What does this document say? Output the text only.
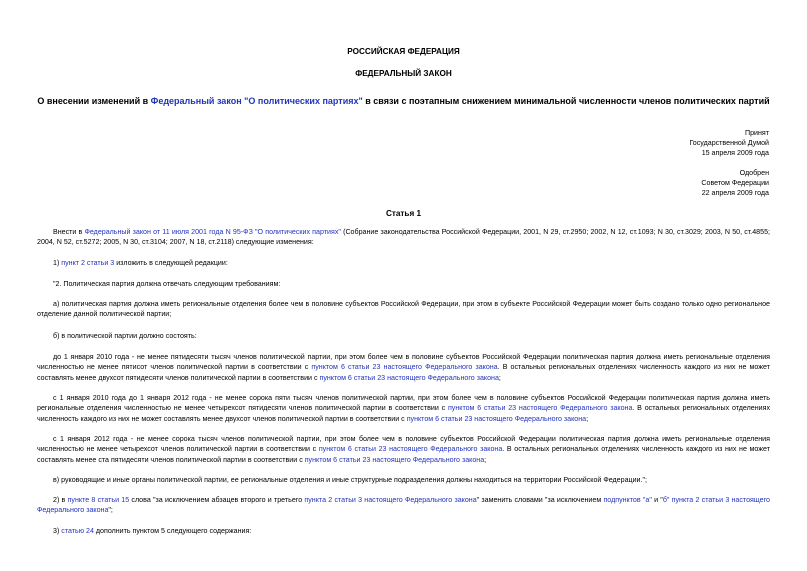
РОССИЙСКАЯ ФЕДЕРАЦИЯ
ФЕДЕРАЛЬНЫЙ ЗАКОН
О внесении изменений в Федеральный закон "О политических партиях" в связи с поэтапным снижением минимальной численности членов политических партий
Принят
Государственной Думой
15 апреля 2009 года
Одобрен
Советом Федерации
22 апреля 2009 года
Статья 1
Внести в Федеральный закон от 11 июля 2001 года N 95-ФЗ "О политических партиях" (Собрание законодательства Российской Федерации, 2001, N 29, ст.2950; 2002, N 12, ст.1093; N 30, ст.3029; 2003, N 50, ст.4855; 2004, N 52, ст.5272; 2005, N 30, ст.3104; 2007, N 18, ст.2118) следующие изменения:
1) пункт 2 статьи 3 изложить в следующей редакции:
"2. Политическая партия должна отвечать следующим требованиям:
а) политическая партия должна иметь региональные отделения более чем в половине субъектов Российской Федерации, при этом в субъекте Российской Федерации может быть создано только одно региональное отделение данной политической партии;
б) в политической партии должно состоять:
до 1 января 2010 года - не менее пятидесяти тысяч членов политической партии, при этом более чем в половине субъектов Российской Федерации политическая партия должна иметь региональные отделения численностью не менее пятисот членов политической партии в соответствии с пунктом 6 статьи 23 настоящего Федерального закона. В остальных региональных отделениях численность каждого из них не может составлять менее двухсот пятидесяти членов политической партии в соответствии с пунктом 6 статьи 23 настоящего Федерального закона;
с 1 января 2010 года до 1 января 2012 года - не менее сорока пяти тысяч членов политической партии, при этом более чем в половине субъектов Российской Федерации политическая партия должна иметь региональные отделения численностью не менее четырехсот пятидесяти членов политической партии в соответствии с пунктом 6 статьи 23 настоящего Федерального закона. В остальных региональных отделениях численность каждого из них не может составлять менее двухсот членов политической партии в соответствии с пунктом 6 статьи 23 настоящего Федерального закона;
с 1 января 2012 года - не менее сорока тысяч членов политической партии, при этом более чем в половине субъектов Российской Федерации политическая партия должна иметь региональные отделения численностью не менее четырехсот членов политической партии в соответствии с пунктом 6 статьи 23 настоящего Федерального закона. В остальных региональных отделениях численность каждого из них не может составлять менее ста пятидесяти членов политической партии в соответствии с пунктом 6 статьи 23 настоящего Федерального закона;
в) руководящие и иные органы политической партии, ее региональные отделения и иные структурные подразделения должны находиться на территории Российской Федерации.";
2) в пункте 8 статьи 15 слова "за исключением абзацев второго и третьего пункта 2 статьи 3 настоящего Федерального закона" заменить словами "за исключением подпунктов "а" и "б" пункта 2 статьи 3 настоящего Федерального закона";
3) статью 24 дополнить пунктом 5 следующего содержания:
